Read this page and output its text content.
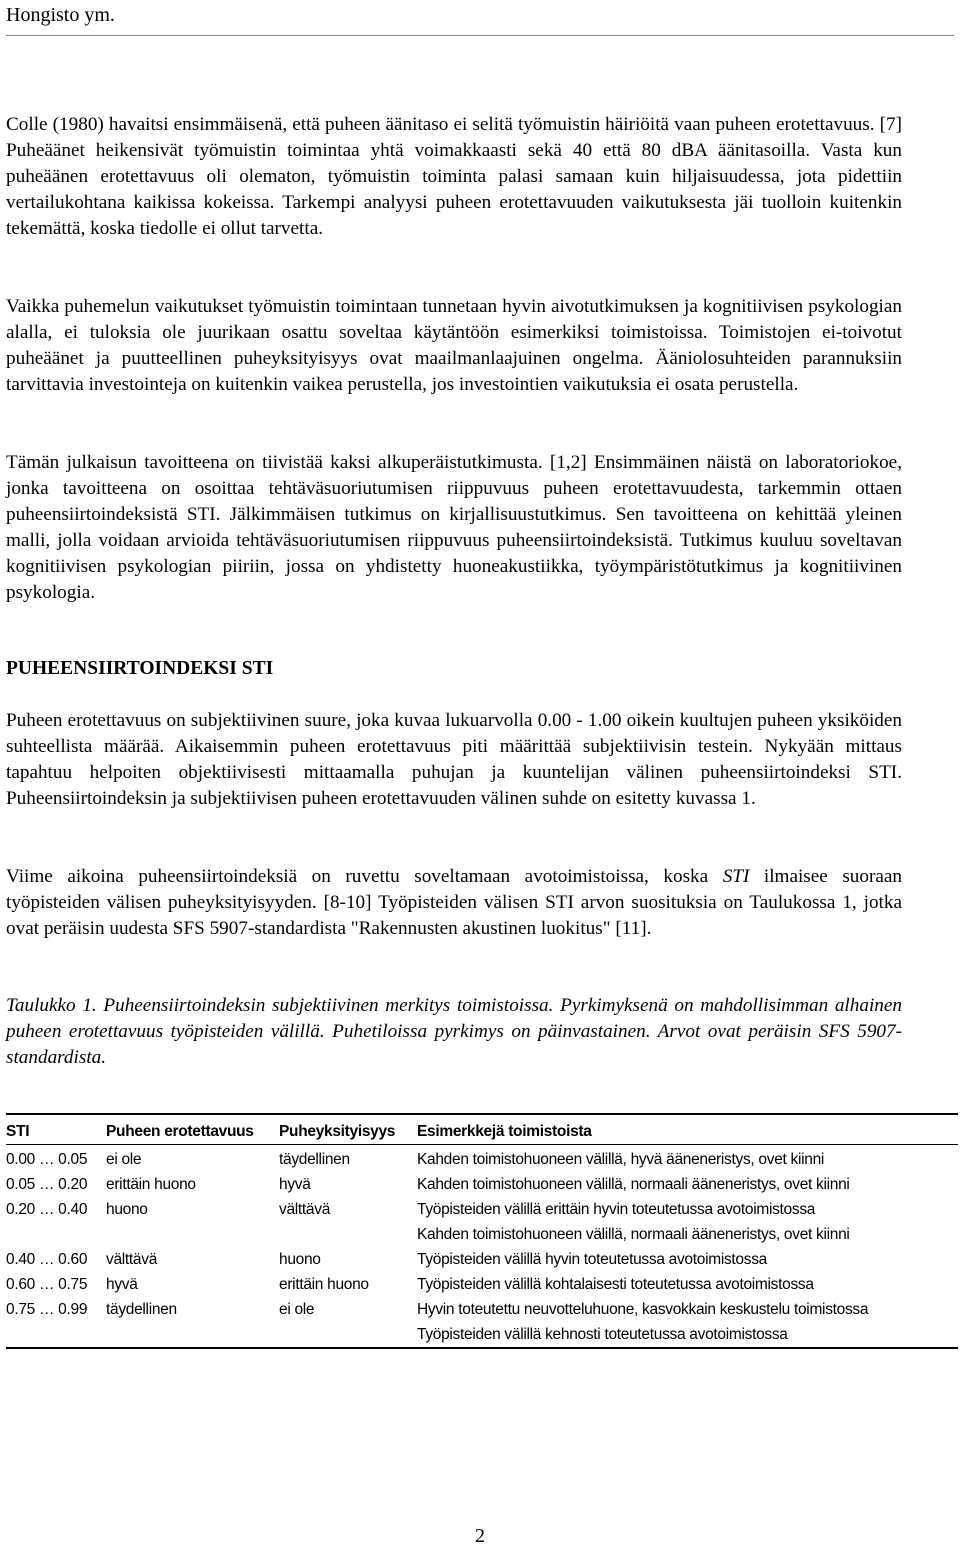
Hongisto ym.

Colle (1980) havaitsi ensimmäisenä, että puheen äänitaso ei selitä työmuistin häiriöitä vaan puheen erotettavuus. [7] Puheäänet heikensivät työmuistin toimintaa yhtä voimakkaasti sekä 40 että 80 dBA äänitasoilla. Vasta kun puheäänen erotettavuus oli olematon, työmuistin toiminta palasi samaan kuin hiljaisuudessa, jota pidettiin vertailukohtana kaikissa kokeissa. Tarkempi analyysi puheen erotettavuuden vaikutuksesta jäi tuolloin kuitenkin tekemättä, koska tiedolle ei ollut tarvetta.

Vaikka puhemelun vaikutukset työmuistin toimintaan tunnetaan hyvin aivotutkimuksen ja kognitiivisen psykologian alalla, ei tuloksia ole juurikaan osattu soveltaa käytäntöön esimerkiksi toimistoissa. Toimistojen ei-toivotut puheäänet ja puutteellinen puheyksityisyys ovat maailmanlaajuinen ongelma. Ääniolosuhteiden parannuksiin tarvittavia investointeja on kuitenkin vaikea perustella, jos investointien vaikutuksia ei osata perustella.

Tämän julkaisun tavoitteena on tiivistää kaksi alkuperäistutkimusta. [1,2] Ensimmäinen näistä on laboratoriokoe, jonka tavoitteena on osoittaa tehtäväsuoriutumisen riippuvuus puheen erotettavuudesta, tarkemmin ottaen puheensiirtoindeksistä STI. Jälkimmäisen tutkimus on kirjallisuustutkimus. Sen tavoitteena on kehittää yleinen malli, jolla voidaan arvioida tehtäväsuoriutumisen riippuvuus puheensiirtoindeksistä. Tutkimus kuuluu soveltavan kognitiivisen psykologian piiriin, jossa on yhdistetty huoneakustiikka, työympäristötutkimus ja kognitiivinen psykologia.

PUHEENSIIRTOINDEKSI STI

Puheen erotettavuus on subjektiivinen suure, joka kuvaa lukuarvolla 0.00 - 1.00 oikein kuultujen puheen yksiköiden suhteellista määrää. Aikaisemmin puheen erotettavuus piti määrittää subjektiivisin testein. Nykyään mittaus tapahtuu helpoiten objektiivisesti mittaamalla puhujan ja kuuntelijan välinen puheensiirtoindeksi STI. Puheensiirtoindeksin ja subjektiivisen puheen erotettavuuden välinen suhde on esitetty kuvassa 1.

Viime aikoina puheensiirtoindeksiä on ruvettu soveltamaan avotoimistoissa, koska STI ilmaisee suoraan työpisteiden välisen puheyksityisyyden. [8-10] Työpisteiden välisen STI arvon suosituksia on Taulukossa 1, jotka ovat peräisin uudesta SFS 5907-standardista "Rakennusten akustinen luokitus" [11].

Taulukko 1. Puheensiirtoindeksin subjektiivinen merkitys toimistoissa. Pyrkimyksenä on mahdollisimman alhainen puheen erotettavuus työpisteiden välillä. Puhetiloissa pyrkimys on päinvastainen. Arvot ovat peräisin SFS 5907-standardista.

STI	Puheen erotettavuus	Puheyksityisyys	Esimerkkejä toimistoista
0.00 … 0.05	ei ole	täydellinen	Kahden toimistohuoneen välillä, hyvä ääneneristys, ovet kiinni
0.05 … 0.20	erittäin huono	hyvä	Kahden toimistohuoneen välillä, normaali ääneneristys, ovet kiinni
0.20 … 0.40	huono	välttävä	Työpisteiden välillä erittäin hyvin toteutetussa avotoimistossa
			Kahden toimistohuoneen välillä, normaali ääneneristys, ovet kiinni
0.40 … 0.60	välttävä	huono	Työpisteiden välillä hyvin toteutetussa avotoimistossa
0.60 … 0.75	hyvä	erittäin huono	Työpisteiden välillä kohtalaisesti toteutetussa avotoimistossa
0.75 … 0.99	täydellinen	ei ole	Hyvin toteutettu neuvotteluhuone, kasvokkain keskustelu toimistossa
			Työpisteiden välillä kehnosti toteutetussa avotoimistossa
2
